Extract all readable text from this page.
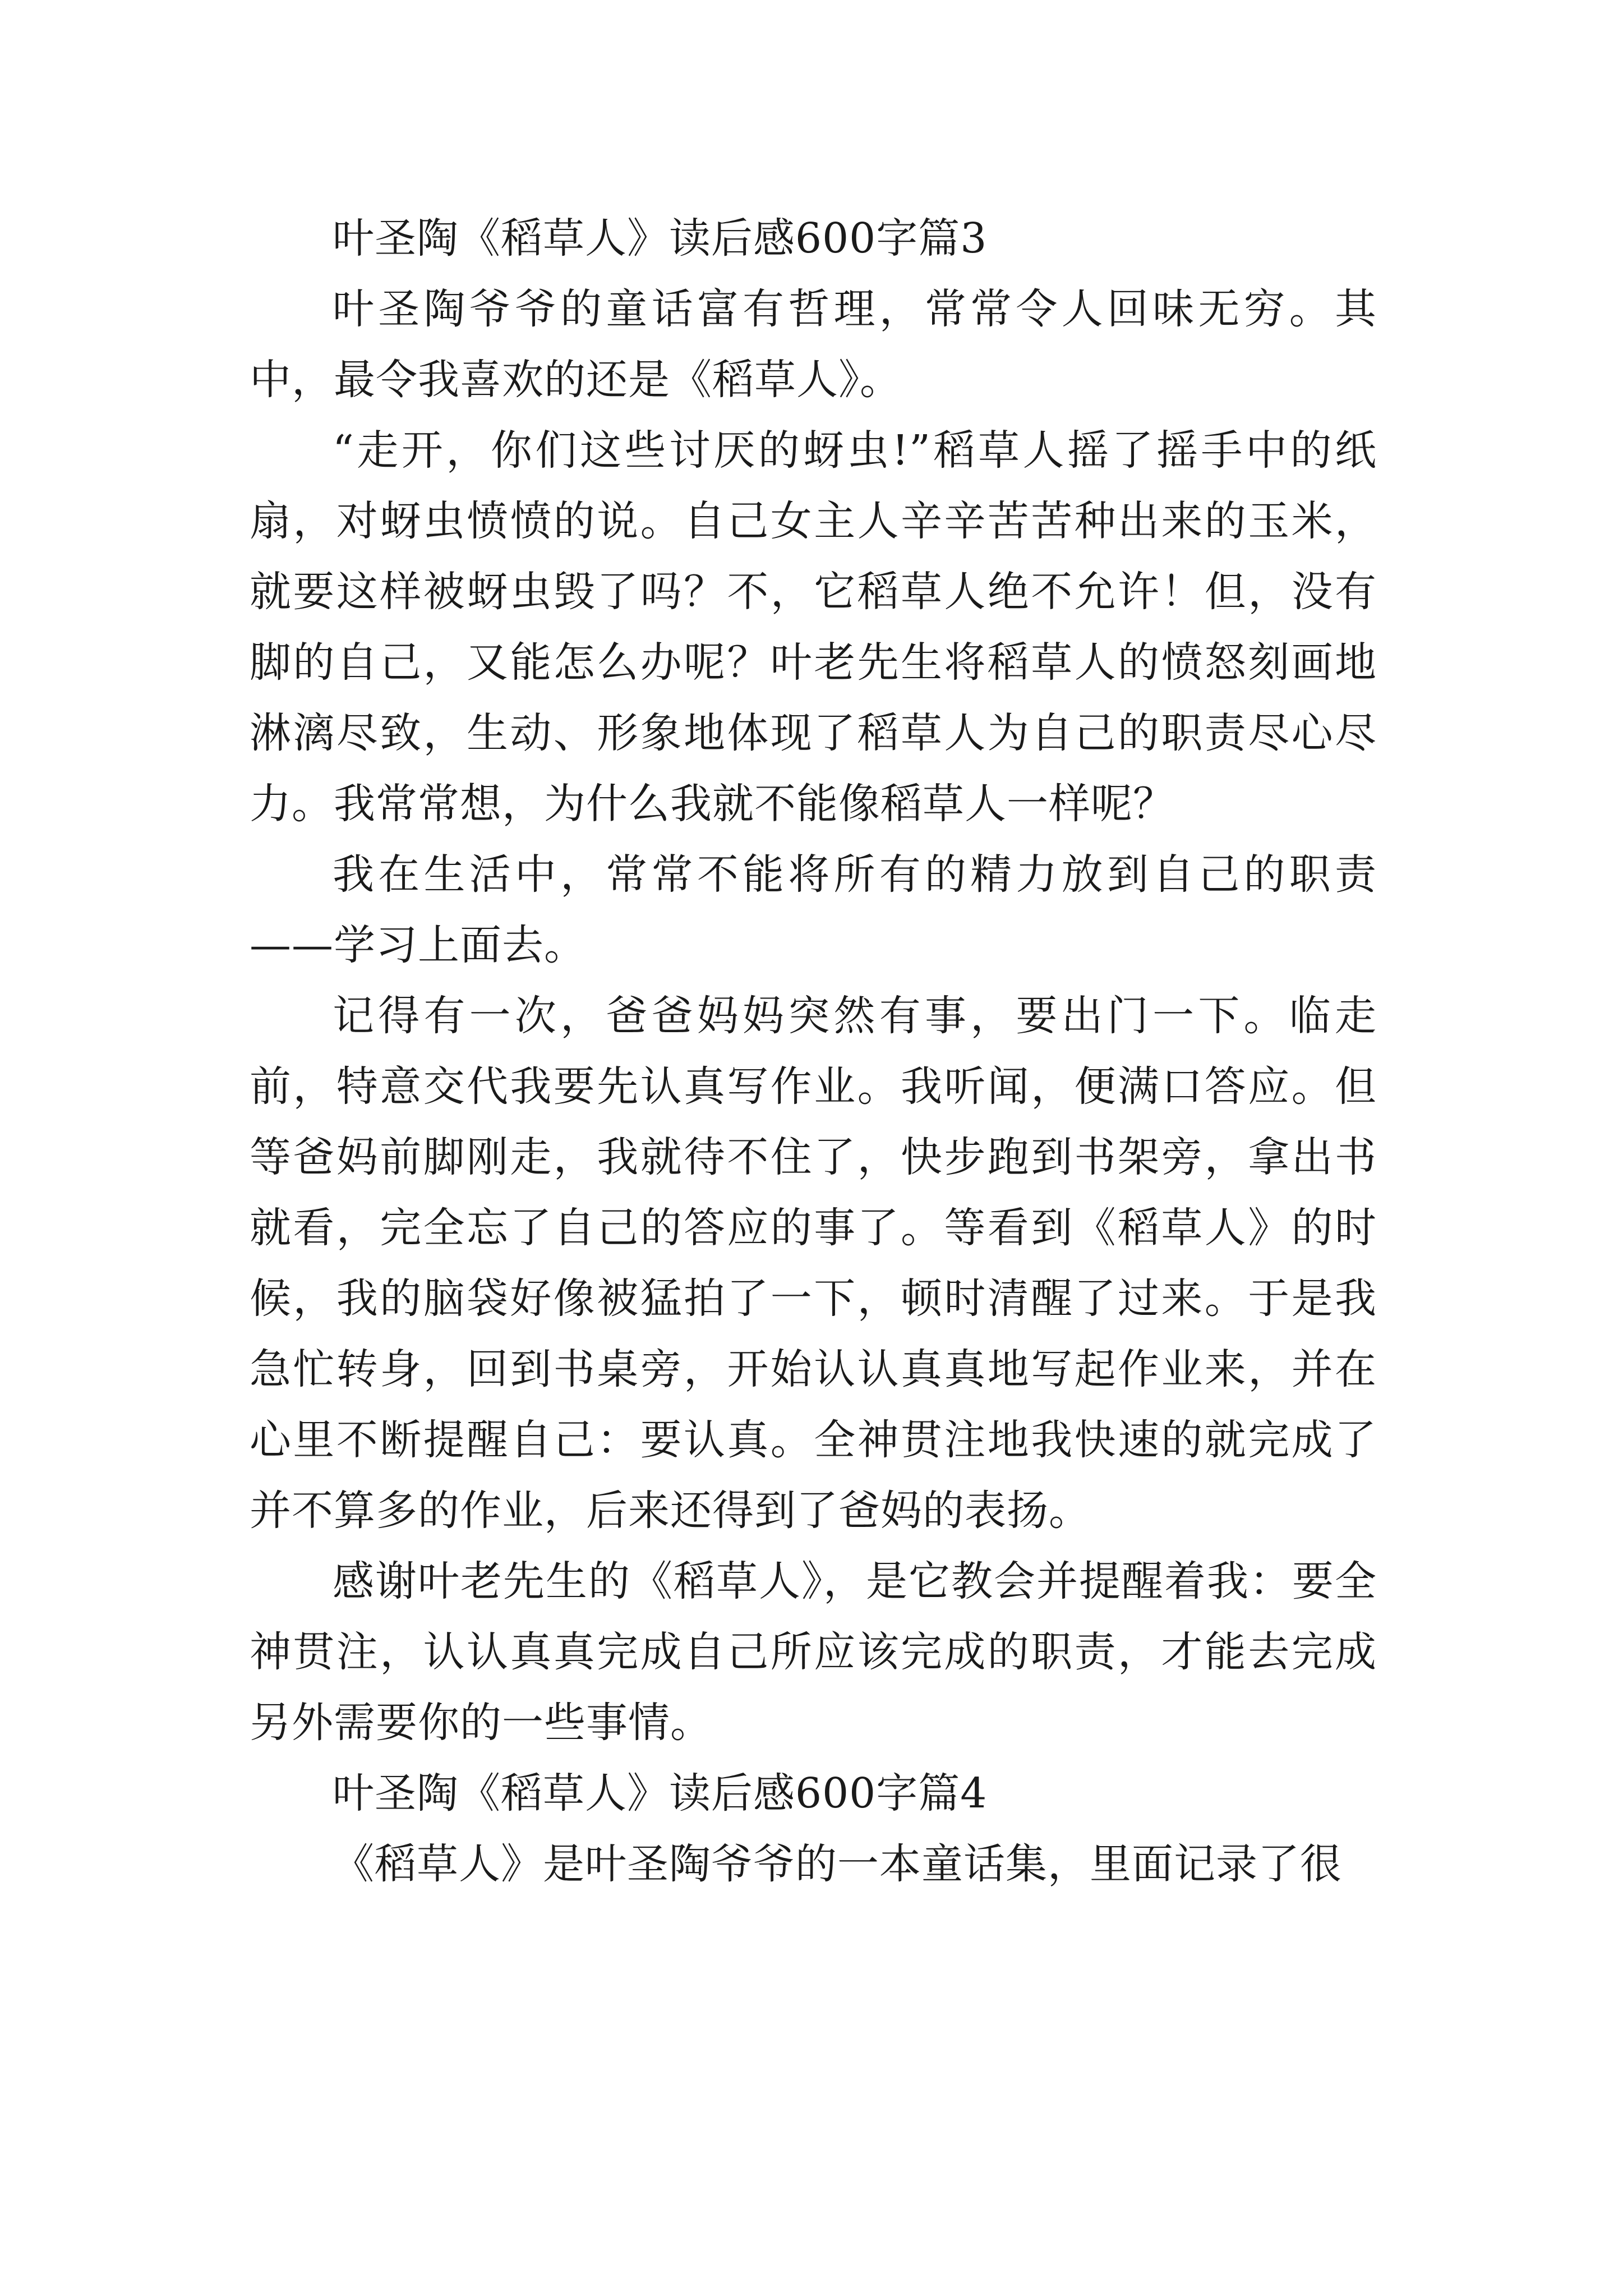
叶圣陶《稻草人》读后感600字篇3

叶圣陶爷爷的童话富有哲理，常常令人回味无穷。其中，最令我喜欢的还是《稻草人》。

“走开，你们这些讨厌的蚜虫!”稻草人摇了摇手中的纸扇，对蚜虫愤愤的说。自己女主人辛辛苦苦种出来的玉米，就要这样被蚜虫毁了吗？不，它稻草人绝不允许！但，没有脚的自己，又能怎么办呢？叶老先生将稻草人的愤怒刻画地淋漓尽致，生动、形象地体现了稻草人为自己的职责尽心尽力。我常常想，为什么我就不能像稻草人一样呢？

我在生活中，常常不能将所有的精力放到自己的职责——学习上面去。

记得有一次，爸爸妈妈突然有事，要出门一下。临走前，特意交代我要先认真写作业。我听闻，便满口答应。但等爸妈前脚刚走，我就待不住了，快步跑到书架旁，拿出书就看，完全忘了自己的答应的事了。等看到《稻草人》的时候，我的脑袋好像被猛拍了一下，顿时清醒了过来。于是我急忙转身，回到书桌旁，开始认认真真地写起作业来，并在心里不断提醒自己：要认真。全神贯注地我快速的就完成了并不算多的作业，后来还得到了爸妈的表扬。

感谢叶老先生的《稻草人》，是它教会并提醒着我：要全神贯注，认认真真完成自己所应该完成的职责，才能去完成另外需要你的一些事情。

叶圣陶《稻草人》读后感600字篇4

《稻草人》是叶圣陶爷爷的一本童话集，里面记录了很
